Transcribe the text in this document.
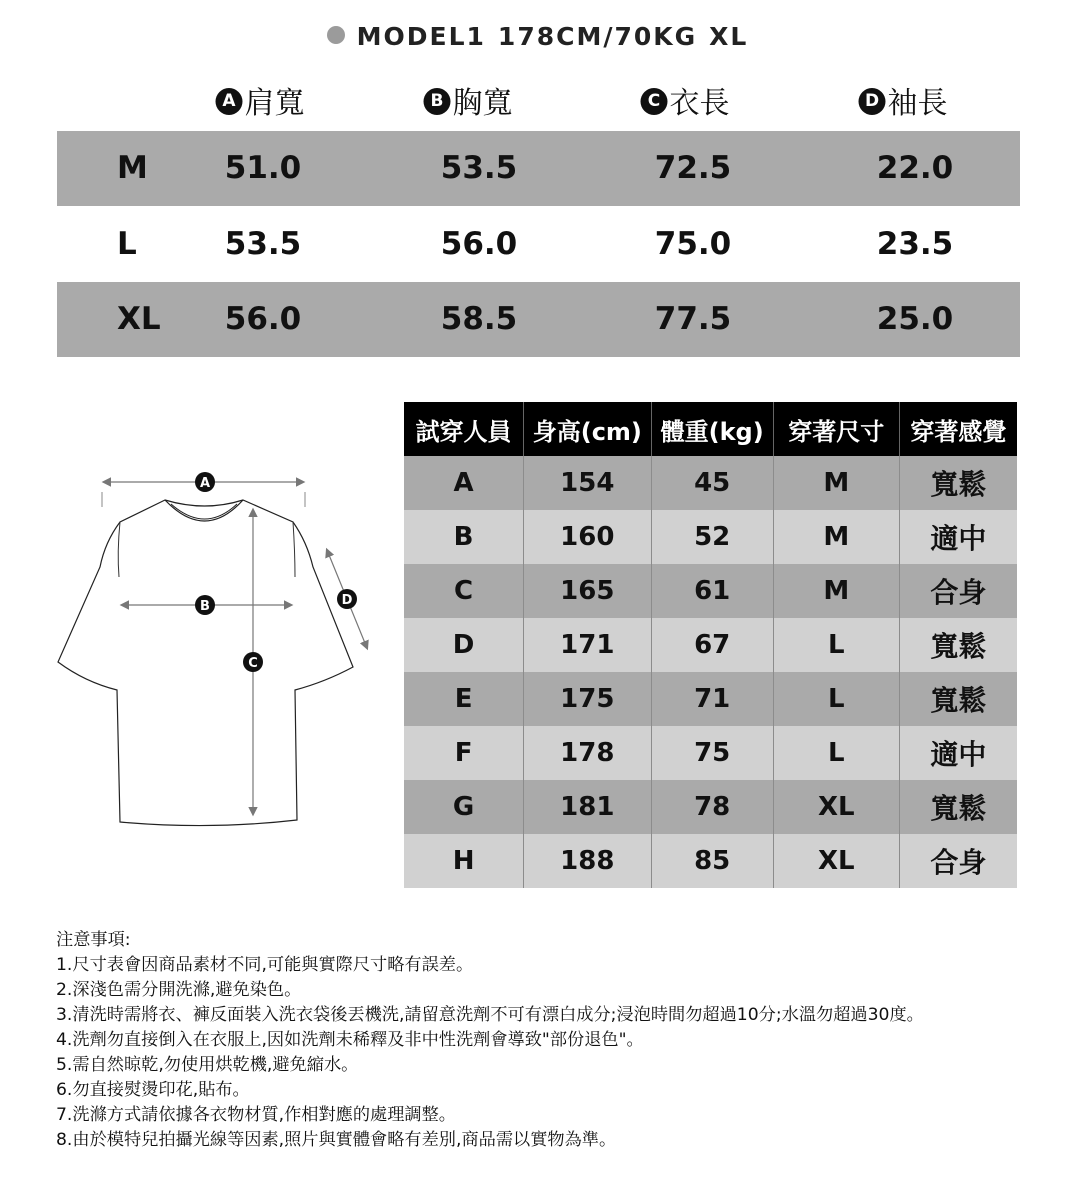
MODEL1 178CM/70KG XL
A 肩寬	B 胸寬	C 衣長	D 袖長
M 51.0	53.5	72.5	22.0
L	53.5	56.0	75.0	23.5
XL 56.0	58.5	77.5	25.0
A
B
C
D
試穿人員	身高(cm)	體重(kg)	穿著尺寸	穿著感覺
A	154	45	M	寬鬆
B	160	52	M	適中
C	165	61	M	合身
D	171	67	L	寬鬆
E	175	71	L	寬鬆
F	178	75	L	適中
G	181	78	XL	寬鬆
H	188	85	XL	合身
注意事項:
1.尺寸表會因商品素材不同,可能與實際尺寸略有誤差。
2.深淺色需分開洗滌,避免染色。
3.清洗時需將衣、褲反面裝入洗衣袋後丟機洗,請留意洗劑不可有漂白成分;浸泡時間勿超過10分;水溫勿超過30度。
4.洗劑勿直接倒入在衣服上,因如洗劑未稀釋及非中性洗劑會導致"部份退色"。
5.需自然晾乾,勿使用烘乾機,避免縮水。
6.勿直接熨燙印花,貼布。
7.洗滌方式請依據各衣物材質,作相對應的處理調整。
8.由於模特兒拍攝光線等因素,照片與實體會略有差別,商品需以實物為準。
